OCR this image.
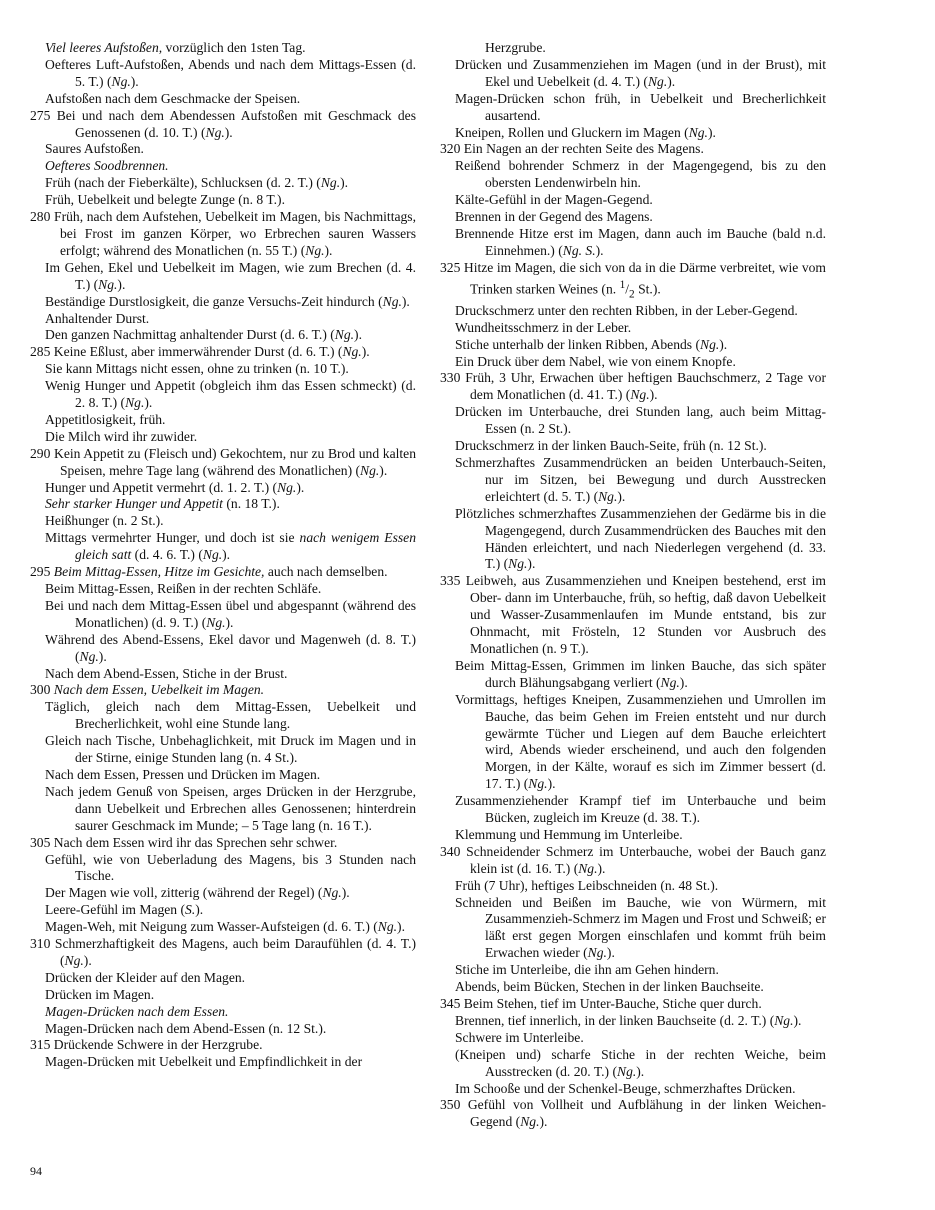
Viel leeres Aufstoßen, vorzüglich den 1sten Tag.
Oefteres Luft-Aufstoßen, Abends und nach dem Mittags-Essen (d. 5. T.) (Ng.).
Aufstoßen nach dem Geschmacke der Speisen.
275 Bei und nach dem Abendessen Aufstoßen mit Geschmack des Genossenen (d. 10. T.) (Ng.).
Saures Aufstoßen.
Oefteres Soodbrennen.
Früh (nach der Fieberkälte), Schlucksen (d. 2. T.) (Ng.).
Früh, Uebelkeit und belegte Zunge (n. 8 T.).
280 Früh, nach dem Aufstehen, Uebelkeit im Magen, bis Nachmittags, bei Frost im ganzen Körper, wo Erbrechen sauren Wassers erfolgt; während des Monatlichen (n. 55 T.) (Ng.).
Im Gehen, Ekel und Uebelkeit im Magen, wie zum Brechen (d. 4. T.) (Ng.).
Beständige Durstlosigkeit, die ganze Versuchs-Zeit hindurch (Ng.).
Anhaltender Durst.
Den ganzen Nachmittag anhaltender Durst (d. 6. T.) (Ng.).
285 Keine Eßlust, aber immerwährender Durst (d. 6. T.) (Ng.).
Sie kann Mittags nicht essen, ohne zu trinken (n. 10 T.).
Wenig Hunger und Appetit (obgleich ihm das Essen schmeckt) (d. 2. 8. T.) (Ng.).
Appetitlosigkeit, früh.
Die Milch wird ihr zuwider.
290 Kein Appetit zu (Fleisch und) Gekochtem, nur zu Brod und kalten Speisen, mehre Tage lang (während des Monatlichen) (Ng.).
Hunger und Appetit vermehrt (d. 1. 2. T.) (Ng.).
Sehr starker Hunger und Appetit (n. 18 T.).
Heißhunger (n. 2 St.).
Mittags vermehrter Hunger, und doch ist sie nach wenigem Essen gleich satt (d. 4. 6. T.) (Ng.).
295 Beim Mittag-Essen, Hitze im Gesichte, auch nach demselben.
Beim Mittag-Essen, Reißen in der rechten Schläfe.
Bei und nach dem Mittag-Essen übel und abgespannt (während des Monatlichen) (d. 9. T.) (Ng.).
Während des Abend-Essens, Ekel davor und Magenweh (d. 8. T.) (Ng.).
Nach dem Abend-Essen, Stiche in der Brust.
300 Nach dem Essen, Uebelkeit im Magen.
Täglich, gleich nach dem Mittag-Essen, Uebelkeit und Brecherlichkeit, wohl eine Stunde lang.
Gleich nach Tische, Unbehaglichkeit, mit Druck im Magen und in der Stirne, einige Stunden lang (n. 4 St.).
Nach dem Essen, Pressen und Drücken im Magen.
Nach jedem Genuß von Speisen, arges Drücken in der Herzgrube, dann Uebelkeit und Erbrechen alles Genossenen; hinterdrein saurer Geschmack im Munde; – 5 Tage lang (n. 16 T.).
305 Nach dem Essen wird ihr das Sprechen sehr schwer.
Gefühl, wie von Ueberladung des Magens, bis 3 Stunden nach Tische.
Der Magen wie voll, zitterig (während der Regel) (Ng.).
Leere-Gefühl im Magen (S.).
Magen-Weh, mit Neigung zum Wasser-Aufsteigen (d. 6. T.) (Ng.).
310 Schmerzhaftigkeit des Magens, auch beim Daraufühlen (d. 4. T.) (Ng.).
Drücken der Kleider auf den Magen.
Drücken im Magen.
Magen-Drücken nach dem Essen.
Magen-Drücken nach dem Abend-Essen (n. 12 St.).
315 Drückende Schwere in der Herzgrube.
Magen-Drücken mit Uebelkeit und Empfindlichkeit in der
Herzgrube.
Drücken und Zusammenziehen im Magen (und in der Brust), mit Ekel und Uebelkeit (d. 4. T.) (Ng.).
Magen-Drücken schon früh, in Uebelkeit und Brecherlichkeit ausartend.
Kneipen, Rollen und Gluckern im Magen (Ng.).
320 Ein Nagen an der rechten Seite des Magens.
Reißend bohrender Schmerz in der Magengegend, bis zu den obersten Lendenwirbeln hin.
Kälte-Gefühl in der Magen-Gegend.
Brennen in der Gegend des Magens.
Brennende Hitze erst im Magen, dann auch im Bauche (bald n.d. Einnehmen.) (Ng. S.).
325 Hitze im Magen, die sich von da in die Därme verbreitet, wie vom Trinken starken Weines (n. $^1/_2$ St.).
Druckschmerz unter den rechten Ribben, in der Leber-Gegend.
Wundheitsschmerz in der Leber.
Stiche unterhalb der linken Ribben, Abends (Ng.).
Ein Druck über dem Nabel, wie von einem Knopfe.
330 Früh, 3 Uhr, Erwachen über heftigen Bauchschmerz, 2 Tage vor dem Monatlichen (d. 41. T.) (Ng.).
Drücken im Unterbauche, drei Stunden lang, auch beim Mittag-Essen (n. 2 St.).
Druckschmerz in der linken Bauch-Seite, früh (n. 12 St.).
Schmerzhaftes Zusammendrücken an beiden Unterbauch-Seiten, nur im Sitzen, bei Bewegung und durch Ausstrecken erleichtert (d. 5. T.) (Ng.).
Plötzliches schmerzhaftes Zusammenziehen der Gedärme bis in die Magengegend, durch Zusammendrücken des Bauches mit den Händen erleichtert, und nach Niederlegen vergehend (d. 33. T.) (Ng.).
335 Leibweh, aus Zusammenziehen und Kneipen bestehend, erst im Ober- dann im Unterbauche, früh, so heftig, daß davon Uebelkeit und Wasser-Zusammenlaufen im Munde entstand, bis zur Ohnmacht, mit Frösteln, 12 Stunden vor Ausbruch des Monatlichen (n. 9 T.).
Beim Mittag-Essen, Grimmen im linken Bauche, das sich später durch Blähungsabgang verliert (Ng.).
Vormittags, heftiges Kneipen, Zusammenziehen und Umrollen im Bauche, das beim Gehen im Freien entsteht und nur durch gewärmte Tücher und Liegen auf dem Bauche erleichtert wird, Abends wieder erscheinend, und auch den folgenden Morgen, in der Kälte, worauf es sich im Zimmer bessert (d. 17. T.) (Ng.).
Zusammenziehender Krampf tief im Unterbauche und beim Bücken, zugleich im Kreuze (d. 38. T.).
Klemmung und Hemmung im Unterleibe.
340 Schneidender Schmerz im Unterbauche, wobei der Bauch ganz klein ist (d. 16. T.) (Ng.).
Früh (7 Uhr), heftiges Leibschneiden (n. 48 St.).
Schneiden und Beißen im Bauche, wie von Würmern, mit Zusammenzieh-Schmerz im Magen und Frost und Schweiß; er läßt erst gegen Morgen einschlafen und kommt früh beim Erwachen wieder (Ng.).
Stiche im Unterleibe, die ihn am Gehen hindern.
Abends, beim Bücken, Stechen in der linken Bauchseite.
345 Beim Stehen, tief im Unter-Bauche, Stiche quer durch.
Brennen, tief innerlich, in der linken Bauchseite (d. 2. T.) (Ng.).
Schwere im Unterleibe.
(Kneipen und) scharfe Stiche in der rechten Weiche, beim Ausstrecken (d. 20. T.) (Ng.).
Im Schooße und der Schenkel-Beuge, schmerzhaftes Drücken.
350 Gefühl von Vollheit und Aufblähung in der linken Weichen-Gegend (Ng.).
94
